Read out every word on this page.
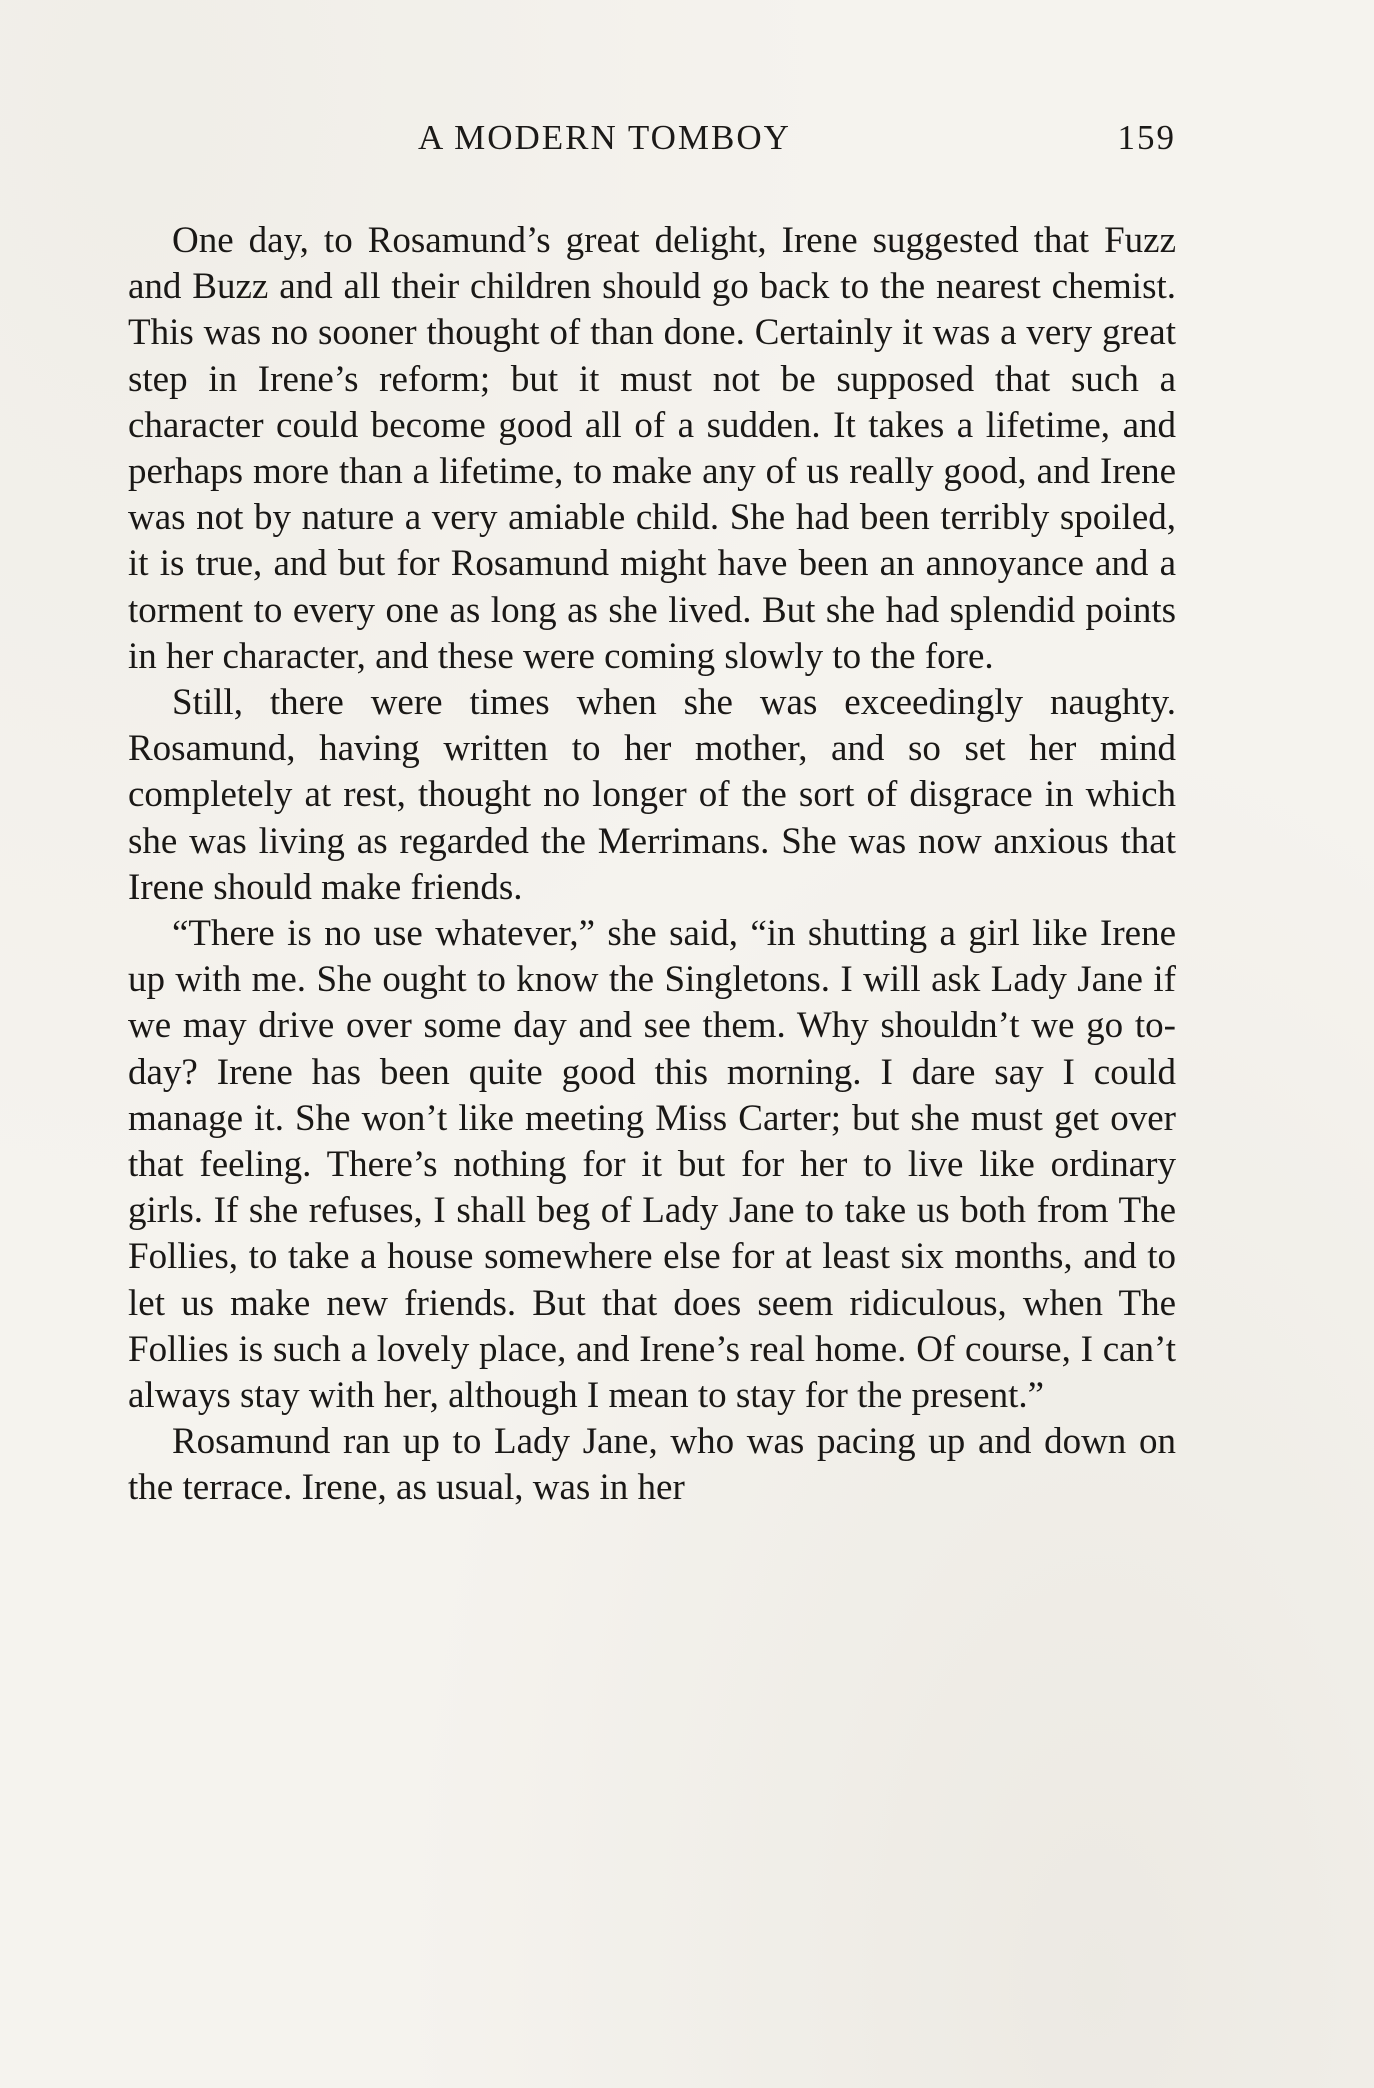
A MODERN TOMBOY	159

One day, to Rosamund’s great delight, Irene suggested that Fuzz and Buzz and all their children should go back to the nearest chemist. This was no sooner thought of than done. Certainly it was a very great step in Irene’s reform; but it must not be supposed that such a character could become good all of a sudden. It takes a lifetime, and perhaps more than a lifetime, to make any of us really good, and Irene was not by nature a very amiable child. She had been terribly spoiled, it is true, and but for Rosamund might have been an annoyance and a torment to every one as long as she lived. But she had splendid points in her character, and these were coming slowly to the fore.

Still, there were times when she was exceedingly naughty. Rosamund, having written to her mother, and so set her mind completely at rest, thought no longer of the sort of disgrace in which she was living as regarded the Merrimans. She was now anxious that Irene should make friends.

“There is no use whatever,” she said, “in shutting a girl like Irene up with me. She ought to know the Singletons. I will ask Lady Jane if we may drive over some day and see them. Why shouldn’t we go to-day? Irene has been quite good this morning. I dare say I could manage it. She won’t like meeting Miss Carter; but she must get over that feeling. There’s nothing for it but for her to live like ordinary girls. If she refuses, I shall beg of Lady Jane to take us both from The Follies, to take a house somewhere else for at least six months, and to let us make new friends. But that does seem ridiculous, when The Follies is such a lovely place, and Irene’s real home. Of course, I can’t always stay with her, although I mean to stay for the present.”

Rosamund ran up to Lady Jane, who was pacing up and down on the terrace. Irene, as usual, was in her
